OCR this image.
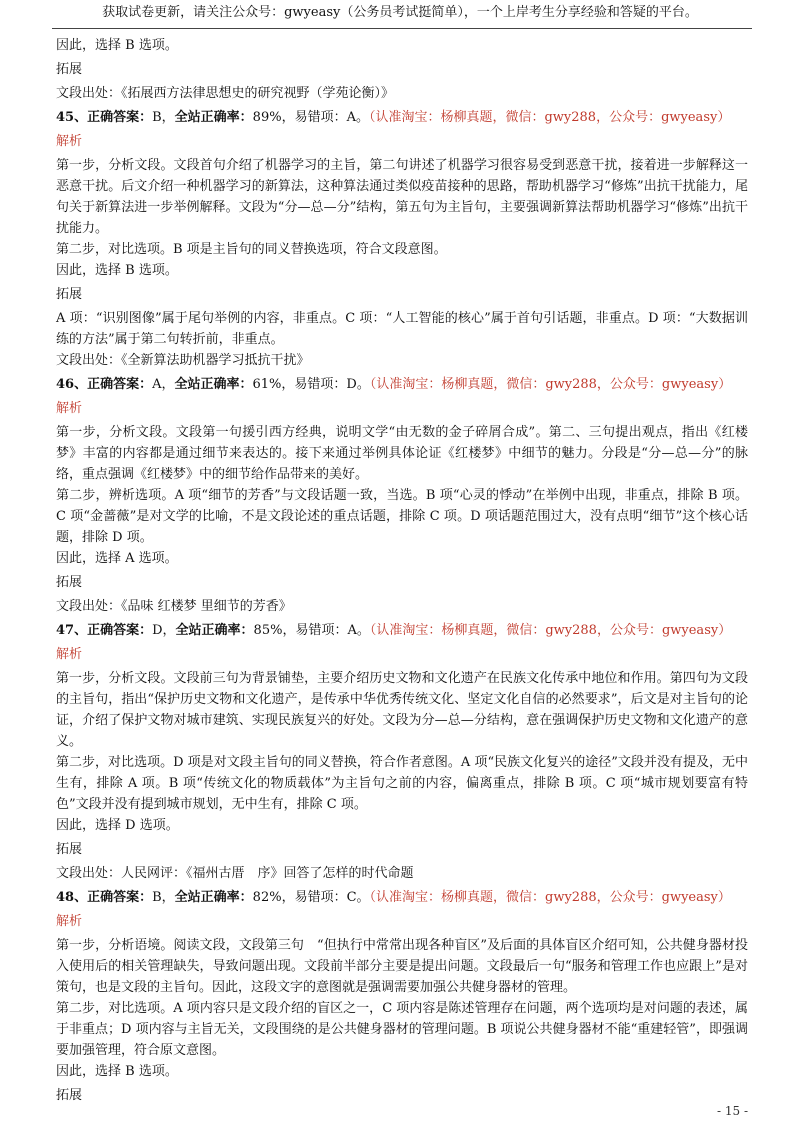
获取试卷更新，请关注公众号：gwyeasy（公务员考试挺简单），一个上岸考生分享经验和答疑的平台。

因此，选择 B 选项。

拓展

文段出处：《拓展西方法律思想史的研究视野（学苑论衡）》

45、正确答案：B，全站正确率：89%，易错项：A。（认准淘宝：杨柳真题，微信：gwy288，公众号：gwyeasy）

解析

第一步，分析文段。文段首句介绍了机器学习的主旨，第二句讲述了机器学习很容易受到恶意干扰，接着进一步解释这一恶意干扰。后文介绍一种机器学习的新算法，这种算法通过类似疫苗接种的思路，帮助机器学习“修炼”出抗干扰能力，尾句关于新算法进一步举例解释。文段为“分—总—分”结构，第五句为主旨句，主要强调新算法帮助机器学习“修炼”出抗干扰能力。

第二步，对比选项。B 项是主旨句的同义替换选项，符合文段意图。

因此，选择 B 选项。

拓展

A 项：“识别图像”属于尾句举例的内容，非重点。C 项：“人工智能的核心”属于首句引话题，非重点。D 项：“大数据训练的方法”属于第二句转折前，非重点。

文段出处：《全新算法助机器学习抵抗干扰》

46、正确答案：A，全站正确率：61%，易错项：D。（认准淘宝：杨柳真题，微信：gwy288，公众号：gwyeasy）

解析

第一步，分析文段。文段第一句援引西方经典，说明文学“由无数的金子碎屑合成”。第二、三句提出观点，指出《红楼梦》丰富的内容都是通过细节来表达的。接下来通过举例具体论证《红楼梦》中细节的魅力。分段是“分—总—分”的脉络，重点强调《红楼梦》中的细节给作品带来的美好。

第二步，辨析选项。A 项“细节的芳香”与文段话题一致，当选。B 项“心灵的悸动”在举例中出现，非重点，排除 B 项。C 项“金蔷薇”是对文学的比喻，不是文段论述的重点话题，排除 C 项。D 项话题范围过大，没有点明“细节”这个核心话题，排除 D 项。

因此，选择 A 选项。

拓展

文段出处：《品味 红楼梦 里细节的芳香》

47、正确答案：D，全站正确率：85%，易错项：A。（认准淘宝：杨柳真题，微信：gwy288，公众号：gwyeasy）

解析

第一步，分析文段。文段前三句为背景铺垫，主要介绍历史文物和文化遗产在民族文化传承中地位和作用。第四句为文段的主旨句，指出“保护历史文物和文化遗产，是传承中华优秀传统文化、坚定文化自信的必然要求”，后文是对主旨句的论证，介绍了保护文物对城市建筑、实现民族复兴的好处。文段为分—总—分结构，意在强调保护历史文物和文化遗产的意义。

第二步，对比选项。D 项是对文段主旨句的同义替换，符合作者意图。A 项“民族文化复兴的途径”文段并没有提及，无中生有，排除 A 项。B 项“传统文化的物质载体”为主旨句之前的内容，偏离重点，排除 B 项。C 项“城市规划要富有特色”文段并没有提到城市规划，无中生有，排除 C 项。

因此，选择 D 选项。

拓展

文段出处：人民网评：《福州古厝　序》回答了怎样的时代命题

48、正确答案：B，全站正确率：82%，易错项：C。（认准淘宝：杨柳真题，微信：gwy288，公众号：gwyeasy）

解析

第一步，分析语境。阅读文段，文段第三句　“但执行中常常出现各种盲区”及后面的具体盲区介绍可知，公共健身器材投入使用后的相关管理缺失，导致问题出现。文段前半部分主要是提出问题。文段最后一句“服务和管理工作也应跟上”是对策句，也是文段的主旨句。因此，这段文字的意图就是强调需要加强公共健身器材的管理。

第二步，对比选项。A 项内容只是文段介绍的盲区之一，C 项内容是陈述管理存在问题，两个选项均是对问题的表述，属于非重点；D 项内容与主旨无关，文段围绕的是公共健身器材的管理问题。B 项说公共健身器材不能“重建轻管”，即强调要加强管理，符合原文意图。

因此，选择 B 选项。

拓展

- 15 -
